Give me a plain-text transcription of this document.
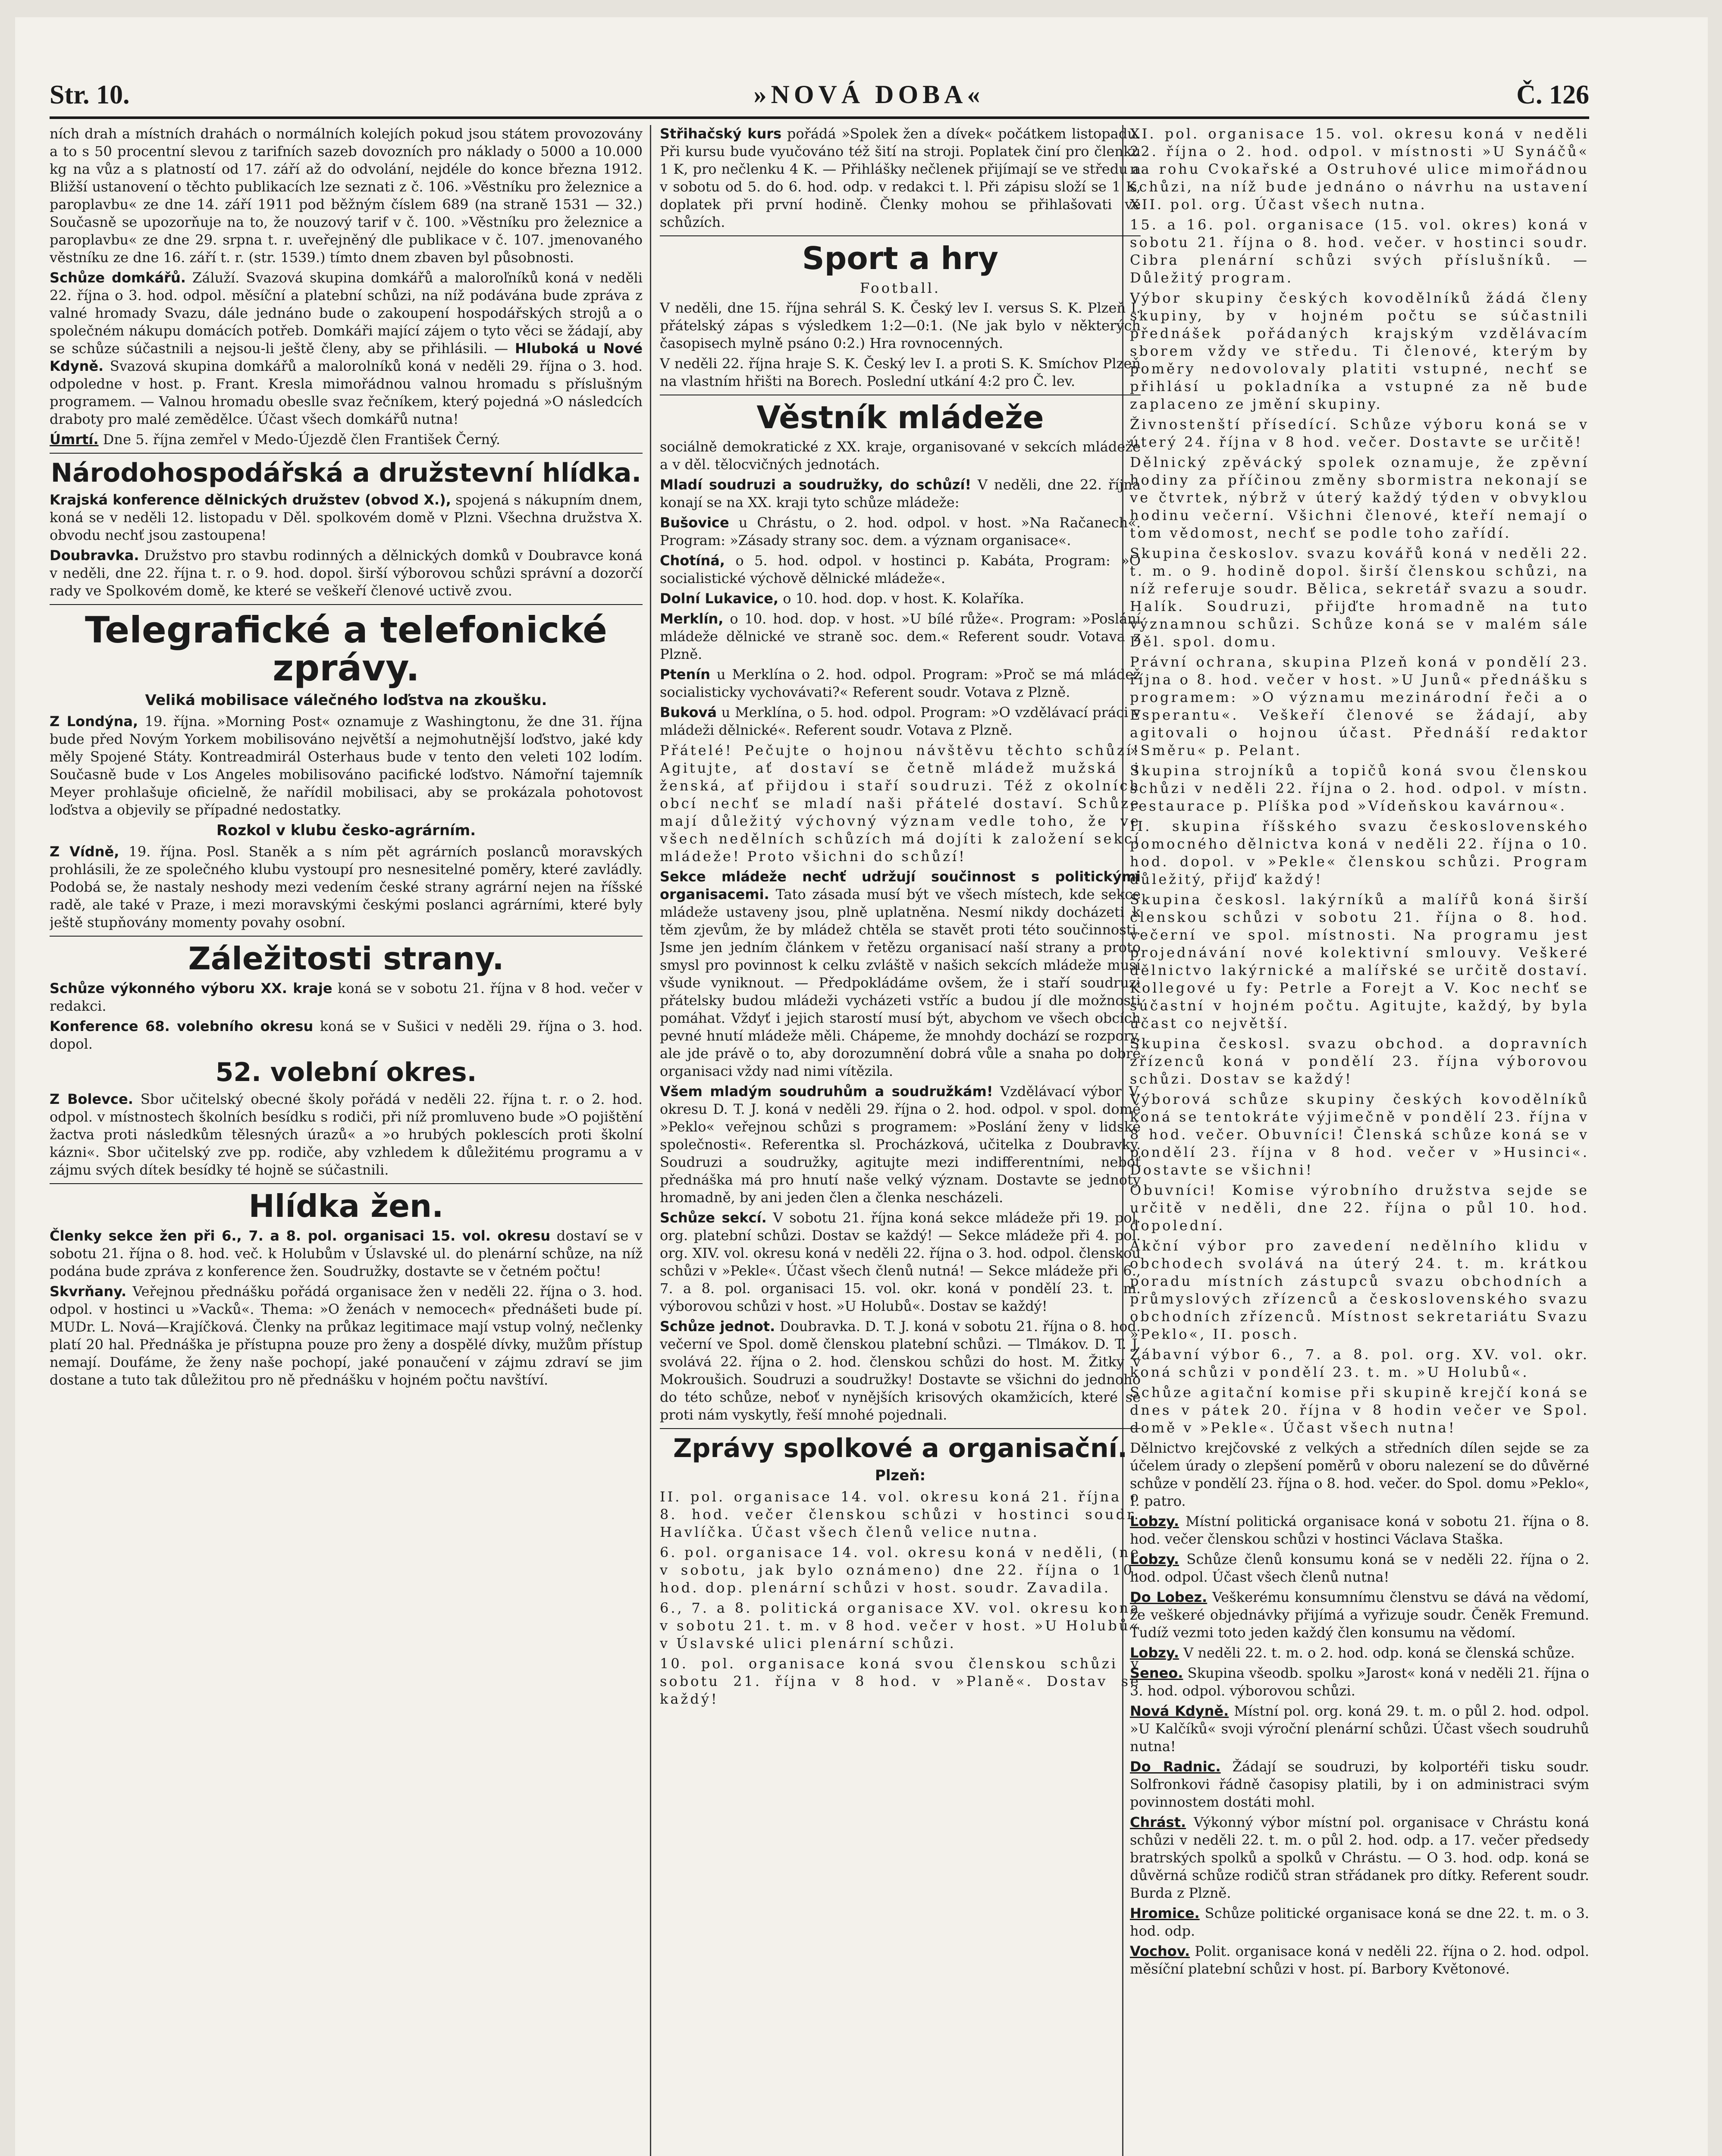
Str. 10.	»NOVÁ DOBA«	Č. 126

ních drah a místních drahách o normálních kolejích pokud jsou státem provozovány a to s 50 procentní slevou z tarifních sazeb dovozních pro náklady o 5000 a 10.000 kg na vůz a s platností od 17. září až do odvolání, nejdéle do konce března 1912. Bližší ustanovení o těchto publikacích lze seznati z č. 106. »Věstníku pro železnice a paroplavbu« ze dne 14. září 1911 pod běžným číslem 689 (na straně 1531 — 32.) Současně se upozorňuje na to, že nouzový tarif v č. 100. »Věstníku pro železnice a paroplavbu« ze dne 29. srpna t. r. uveřejněný dle publikace v č. 107. jmenovaného věstníku ze dne 16. září t. r. (str. 1539.) tímto dnem zbaven byl působnosti.

Schůze domkářů. Záluží. Svazová skupina domkářů a maloroľníků koná v neděli 22. října o 3. hod. odpol. měsíční a platební schůzi, na níž podávána bude zpráva z valné hromady Svazu, dále jednáno bude o zakoupení hospodářských strojů a o společném nákupu domácích potřeb. Domkáři mající zájem o tyto věci se žádají, aby se schůze súčastnili a nejsou-li ještě členy, aby se přihlásili. — Hluboká u Nové Kdyně. Svazová skupina domkářů a malorolníků koná v neděli 29. října o 3. hod. odpoledne v host. p. Frant. Kresla mimořádnou valnou hromadu s příslušným programem. — Valnou hromadu obeslle svaz řečníkem, který pojedná »O následcích draboty pro malé zemědělce. Účast všech domkářů nutna!

Úmrtí. Dne 5. října zemřel v Medo-Újezdě člen František Černý.

Národohospodářská a družstevní hlídka.

Krajská konference dělnických družstev (obvod X.), spojená s nákupním dnem, koná se v neděli 12. listopadu v Děl. spolkovém domě v Plzni. Všechna družstva X. obvodu nechť jsou zastoupena!

Doubravka. Družstvo pro stavbu rodinných a dělnických domků v Doubravce koná v neděli, dne 22. října t. r. o 9. hod. dopol. širší výborovou schůzi správní a dozorčí rady ve Spolkovém domě, ke které se veškeří členové uctivě zvou.

Telegrafické a telefonické zprávy.
Veliká mobilisace válečného loďstva na zkoušku.

Z Londýna, 19. října. »Morning Post« oznamuje z Washingtonu, že dne 31. října bude před Novým Yorkem mobilisováno největší a nejmohutnější loďstvo, jaké kdy měly Spojené Státy. Kontreadmirál Osterhaus bude v tento den veleti 102 lodím. Současně bude v Los Angeles mobilisováno pacifické loďstvo. Námořní tajemník Meyer prohlašuje oficielně, že nařídil mobilisaci, aby se prokázala pohotovost loďstva a objevily se případné nedostatky.

Rozkol v klubu česko-agrárním.

Z Vídně, 19. října. Posl. Staněk a s ním pět agrárních poslanců moravských prohlásili, že ze společného klubu vystoupí pro nesnesitelné poměry, které zavládly. Podobá se, že nastaly neshody mezi vedením české strany agrární nejen na říšské radě, ale také v Praze, i mezi moravskými českými poslanci agrárními, které byly ještě stupňovány momenty povahy osobní.

Záležitosti strany.

Schůze výkonného výboru XX. kraje koná se v sobotu 21. října v 8 hod. večer v redakci.

Konference 68. volebního okresu koná se v Sušici v neděli 29. října o 3. hod. dopol.

52. volební okres.

Z Bolevce. Sbor učitelský obecné školy pořádá v neděli 22. října t. r. o 2. hod. odpol. v místnostech školních besídku s rodiči, při níž promluveno bude »O pojištění žactva proti následkům tělesných úrazů« a »o hrubých poklescích proti školní kázni«. Sbor učitelský zve pp. rodiče, aby vzhledem k důležitému programu a v zájmu svých dítek besídky té hojně se súčastnili.

Hlídka žen.

Členky sekce žen při 6., 7. a 8. pol. organisaci 15. vol. okresu dostaví se v sobotu 21. října o 8. hod. več. k Holubům v Úslavské ul. do plenární schůze, na níž podána bude zpráva z konference žen. Soudružky, dostavte se v četném počtu!

Skvrňany. Veřejnou přednášku pořádá organisace žen v neděli 22. října o 3. hod. odpol. v hostinci u »Vacků«. Thema: »O ženách v nemocech« přednášeti bude pí. MUDr. L. Nová—Krajíčková. Členky na průkaz legitimace mají vstup volný, nečlenky platí 20 hal. Přednáška je přístupna pouze pro ženy a dospělé dívky, mužům přístup nemají. Doufáme, že ženy naše pochopí, jaké ponaučení v zájmu zdraví se jim dostane a tuto tak důležitou pro ně přednášku v hojném počtu navštíví.

Střihačský kurs pořádá »Spolek žen a dívek« počátkem listopadu. Při kursu bude vyučováno též šití na stroji. Poplatek činí pro členku 1 K, pro nečlenku 4 K. — Přihlášky nečlenek přijímají se ve středu a v sobotu od 5. do 6. hod. odp. v redakci t. l. Při zápisu složí se 1 K, doplatek při první hodině. Členky mohou se přihlašovati ve schůzích.

Sport a hry
Football.

V neděli, dne 15. října sehrál S. K. Český lev I. versus S. K. Plzeň I. přátelský zápas s výsledkem 1:2—0:1. (Ne jak bylo v některých časopisech mylně psáno 0:2.) Hra rovnocenných.

V neděli 22. října hraje S. K. Český lev I. a proti S. K. Smíchov Plzeň na vlastním hřišti na Borech. Poslední utkání 4:2 pro Č. lev.

Věstník mládeže

sociálně demokratické z XX. kraje, organisované v sekcích mládeže a v děl. tělocvičných jednotách.

Mladí soudruzi a soudružky, do schůzí! V neděli, dne 22. října konají se na XX. kraji tyto schůze mládeže:

Bušovice u Chrástu, o 2. hod. odpol. v host. »Na Račanech«. Program: »Zásady strany soc. dem. a význam organisace«.

Chotíná, o 5. hod. odpol. v hostinci p. Kabáta, Program: »O socialistické výchově dělnické mládeže«.

Dolní Lukavice, o 10. hod. dop. v host. K. Kolaříka.

Merklín, o 10. hod. dop. v host. »U bílé růže«. Program: »Poslání mládeže dělnické ve straně soc. dem.« Referent soudr. Votava z Plzně.

Ptenín u Merklína o 2. hod. odpol. Program: »Proč se má mládež socialisticky vychovávati?« Referent soudr. Votava z Plzně.

Buková u Merklína, o 5. hod. odpol. Program: »O vzdělávací práci v mládeži dělnické«. Referent soudr. Votava z Plzně.

Přátelé! Pečujte o hojnou návštěvu těchto schůzí! Agitujte, ať dostaví se četně mládež mužská i ženská, ať přijdou i staří soudruzi. Též z okolních obcí nechť se mladí naši přátelé dostaví. Schůze mají důležitý výchovný význam vedle toho, že ve všech nedělních schůzích má dojíti k založení sekcí mládeže! Proto všichni do schůzí!

Sekce mládeže nechť udržují součinnost s politickými organisacemi. Tato zásada musí být ve všech místech, kde sekce mládeže ustaveny jsou, plně uplatněna. Nesmí nikdy docházeti k těm zjevům, že by mládež chtěla se stavět proti této součinnosti. Jsme jen jedním článkem v řetězu organisací naší strany a proto smysl pro povinnost k celku zvláště v našich sekcích mládeže musí všude vyniknout. — Předpokládáme ovšem, že i staří soudruzi přátelsky budou mládeži vycházeti vstříc a budou jí dle možnosti pomáhat. Vždyť i jejich starostí musí být, abychom ve všech obcích pevné hnutí mládeže měli. Chápeme, že mnohdy dochází se rozpory, ale jde právě o to, aby dorozumnění dobrá vůle a snaha po dobré organisaci vždy nad nimi vítězila.

Všem mladým soudruhům a soudružkám! Vzdělávací výbor V. okresu D. T. J. koná v neděli 29. října o 2. hod. odpol. v spol. domě »Peklo« veřejnou schůzi s programem: »Poslání ženy v lidské společnosti«. Referentka sl. Procházková, učitelka z Doubravky. Soudruzi a soudružky, agitujte mezi indifferentními, neboť přednáška má pro hnutí naše velký význam. Dostavte se jednoty hromadně, by ani jeden člen a členka nescházeli.

Schůze sekcí. V sobotu 21. října koná sekce mládeže při 19. pol. org. platební schůzi. Dostav se každý! — Sekce mládeže při 4. pol. org. XIV. vol. okresu koná v neděli 22. října o 3. hod. odpol. členskou schůzi v »Pekle«. Účast všech členů nutná! — Sekce mládeže při 6., 7. a 8. pol. organisaci 15. vol. okr. koná v pondělí 23. t. m. výborovou schůzi v host. »U Holubů«. Dostav se každý!

Schůze jednot. Doubravka. D. T. J. koná v sobotu 21. října o 8. hod. večerní ve Spol. domě členskou platební schůzi. — Tlmákov. D. T. J. svolává 22. října o 2. hod. členskou schůzi do host. M. Žitky v Mokroušich. Soudruzi a soudružky! Dostavte se všichni do jednoho do této schůze, neboť v nynějších krisových okamžicích, které se proti nám vyskytly, řeší mnohé pojednali.

Zprávy spolkové a organisační.
Plzeň:

II. pol. organisace 14. vol. okresu koná 21. října o 8. hod. večer členskou schůzi v hostinci soudr. Havlíčka. Účast všech členů velice nutna.

6. pol. organisace 14. vol. okresu koná v neděli, (ne v sobotu, jak bylo oznámeno) dne 22. října o 10. hod. dop. plenární schůzi v host. soudr. Zavadila.

6., 7. a 8. politická organisace XV. vol. okresu koná v sobotu 21. t. m. v 8 hod. večer v host. »U Holubů« v Úslavské ulici plenární schůzi.

10. pol. organisace koná svou členskou schůzi v sobotu 21. října v 8 hod. v »Planě«. Dostav se každý!

XI. pol. organisace 15. vol. okresu koná v neděli 22. října o 2. hod. odpol. v místnosti »U Synáčů« na rohu Cvokařské a Ostruhové ulice mimořádnou schůzi, na níž bude jednáno o návrhu na ustavení XII. pol. org. Účast všech nutna.

15. a 16. pol. organisace (15. vol. okres) koná v sobotu 21. října o 8. hod. večer. v hostinci soudr. Cibra plenární schůzi svých příslušníků. — Důležitý program.

Výbor skupiny českých kovodělníků žádá členy skupiny, by v hojném počtu se súčastnili přednášek pořádaných krajským vzdělávacím sborem vždy ve středu. Ti členové, kterým by poměry nedovolovaly platiti vstupné, nechť se přihlásí u pokladníka a vstupné za ně bude zaplaceno ze jmění skupiny.

Živnostenští přísedící. Schůze výboru koná se v úterý 24. října v 8 hod. večer. Dostavte se určitě!

Dělnický zpěvácký spolek oznamuje, že zpěvní hodiny za příčinou změny sbormistra nekonají se ve čtvrtek, nýbrž v úterý každý týden v obvyklou hodinu večerní. Všichni členové, kteří nemají o tom vědomost, nechť se podle toho zařídí.

Skupina českoslov. svazu kovářů koná v neděli 22. t. m. o 9. hodině dopol. širší členskou schůzi, na níž referuje soudr. Bělica, sekretář svazu a soudr. Halík. Soudruzi, přijďte hromadně na tuto významnou schůzi. Schůze koná se v malém sále Děl. spol. domu.

Právní ochrana, skupina Plzeň koná v pondělí 23. října o 8. hod. večer v host. »U Junů« přednášku s programem: »O významu mezinárodní řeči a o Esperantu«. Veškeří členové se žádají, aby agitovali o hojnou účast. Přednáší redaktor »Směru« p. Pelant.

Skupina strojníků a topičů koná svou členskou schůzi v neděli 22. října o 2. hod. odpol. v místn. restaurace p. Plíška pod »Vídeňskou kavárnou«.

II. skupina říšského svazu československého pomocného dělnictva koná v neděli 22. října o 10. hod. dopol. v »Pekle« členskou schůzi. Program důležitý, přijď každý!

Skupina českosl. lakýrníků a malířů koná širší členskou schůzi v sobotu 21. října o 8. hod. večerní ve spol. místnosti. Na programu jest projednávání nové kolektivní smlouvy. Veškeré dělnictvo lakýrnické a malířské se určitě dostaví. Kollegové u fy: Petrle a Forejt a V. Koc nechť se súčastní v hojném počtu. Agitujte, každý, by byla účast co největší.

Skupina českosl. svazu obchod. a dopravních zřízenců koná v pondělí 23. října výborovou schůzi. Dostav se každý!

Výborová schůze skupiny českých kovodělníků koná se tentokráte výjimečně v pondělí 23. října v 8 hod. večer. Obuvníci! Členská schůze koná se v pondělí 23. října v 8 hod. večer v »Husinci«. Dostavte se všichni!

Obuvníci! Komise výrobního družstva sejde se určitě v neděli, dne 22. října o půl 10. hod. dopolední.

Akční výbor pro zavedení nedělního klidu v obchodech svolává na úterý 24. t. m. krátkou poradu místních zástupců svazu obchodních a průmyslových zřízenců a československého svazu obchodních zřízenců. Místnost sekretariátu Svazu »Peklo«, II. posch.

Zábavní výbor 6., 7. a 8. pol. org. XV. vol. okr. koná schůzi v pondělí 23. t. m. »U Holubů«.

Schůze agitační komise při skupině krejčí koná se dnes v pátek 20. října v 8 hodin večer ve Spol. domě v »Pekle«. Účast všech nutna!

Dělnictvo krejčovské z velkých a středních dílen sejde se za účelem úrady o zlepšení poměrů v oboru nalezení se do důvěrné schůze v pondělí 23. října o 8. hod. večer. do Spol. domu »Peklo«, I. patro.

Lobzy. Místní politická organisace koná v sobotu 21. října o 8. hod. večer členskou schůzi v hostinci Václava Staška.

Lobzy. Schůze členů konsumu koná se v neděli 22. října o 2. hod. odpol. Účast všech členů nutna!

Do Lobez. Veškerému konsumnímu členstvu se dává na vědomí, že veškeré objednávky přijímá a vyřizuje soudr. Čeněk Fremund. Tudíž vezmi toto jeden každý člen konsumu na vědomí.

Lobzy. V neděli 22. t. m. o 2. hod. odp. koná se členská schůze.

Seneo. Skupina všeodb. spolku »Jarost« koná v neděli 21. října o 3. hod. odpol. výborovou schůzi.

Nová Kdyně. Místní pol. org. koná 29. t. m. o půl 2. hod. odpol. »U Kalčíků« svoji výroční plenární schůzi. Účast všech soudruhů nutna!

Do Radnic. Žádají se soudruzi, by kolportéři tisku soudr. Solfronkovi řádně časopisy platili, by i on administraci svým povinnostem dostáti mohl.

Chrást. Výkonný výbor místní pol. organisace v Chrástu koná schůzi v neděli 22. t. m. o půl 2. hod. odp. a 17. večer předsedy bratrských spolků a spolků v Chrástu. — O 3. hod. odp. koná se důvěrná schůze rodičů stran střádanek pro dítky. Referent soudr. Burda z Plzně.

Hromice. Schůze politické organisace koná se dne 22. t. m. o 3. hod. odp.

Vochov. Polit. organisace koná v neděli 22. října o 2. hod. odpol. měsíční platební schůzi v host. pí. Barbory Květonové.
